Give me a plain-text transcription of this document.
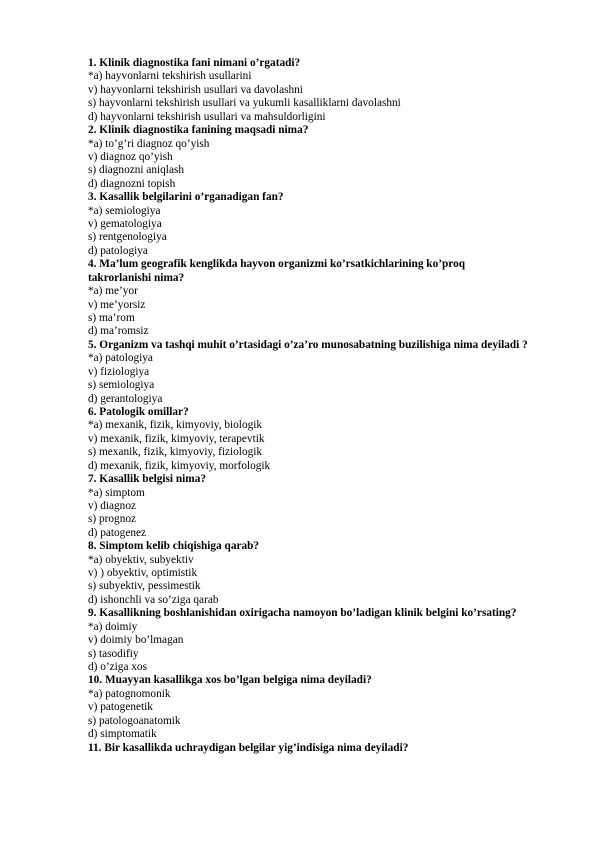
1. Klinik diagnostika fani nimani o’rgatadi?
*a) hayvonlarni tekshirish usullarini
v) hayvonlarni tekshirish usullari va davolashni
s) hayvonlarni tekshirish usullari va yukumli kasalliklarni davolashni
d) hayvonlarni tekshirish usullari va mahsuldorligini
2. Klinik diagnostika fanining maqsadi nima?
*a) to’g’ri diagnoz qo’yish
v) diagnoz qo’yish
s) diagnozni aniqlash
d) diagnozni topish
3. Kasallik belgilarini o’rganadigan fan?
*a) semiologiya
v) gematologiya
s) rentgenologiya
d) patologiya
4. Ma’lum geografik kenglikda hayvon organizmi ko’rsatkichlarining ko’proq takrorlanishi nima?
*a) me’yor
v) me’yorsiz
s) ma’rom
d) ma’romsiz
5. Organizm va tashqi muhit o’rtasidagi o’za’ro munosabatning buzilishiga nima deyiladi ?
*a) patologiya
v) fiziologiya
s) semiologiya
d) gerantologiya
6. Patologik omillar?
*a) mexanik, fizik, kimyoviy, biologik
v) mexanik, fizik, kimyoviy, terapevtik
s) mexanik, fizik, kimyoviy, fiziologik
d) mexanik, fizik, kimyoviy, morfologik
7. Kasallik belgisi nima?
*a) simptom
v) diagnoz
s) prognoz
d) patogenez
8. Simptom kelib chiqishiga qarab?
*a) obyektiv, subyektiv
v) ) obyektiv, optimistik
s) subyektiv, pessimestik
d) ishonchli va so’ziga qarab
9. Kasallikning boshlanishidan oxirigacha namoyon bo’ladigan klinik belgini ko’rsating?
*a) doimiy
v) doimiy bo’lmagan
s) tasodifiy
d) o’ziga xos
10. Muayyan kasallikga xos bo’lgan belgiga nima deyiladi?
*a) patognomonik
v) patogenetik
s) patologoanatomik
d) simptomatik
11. Bir kasallikda uchraydigan belgilar yig’indisiga nima deyiladi?
